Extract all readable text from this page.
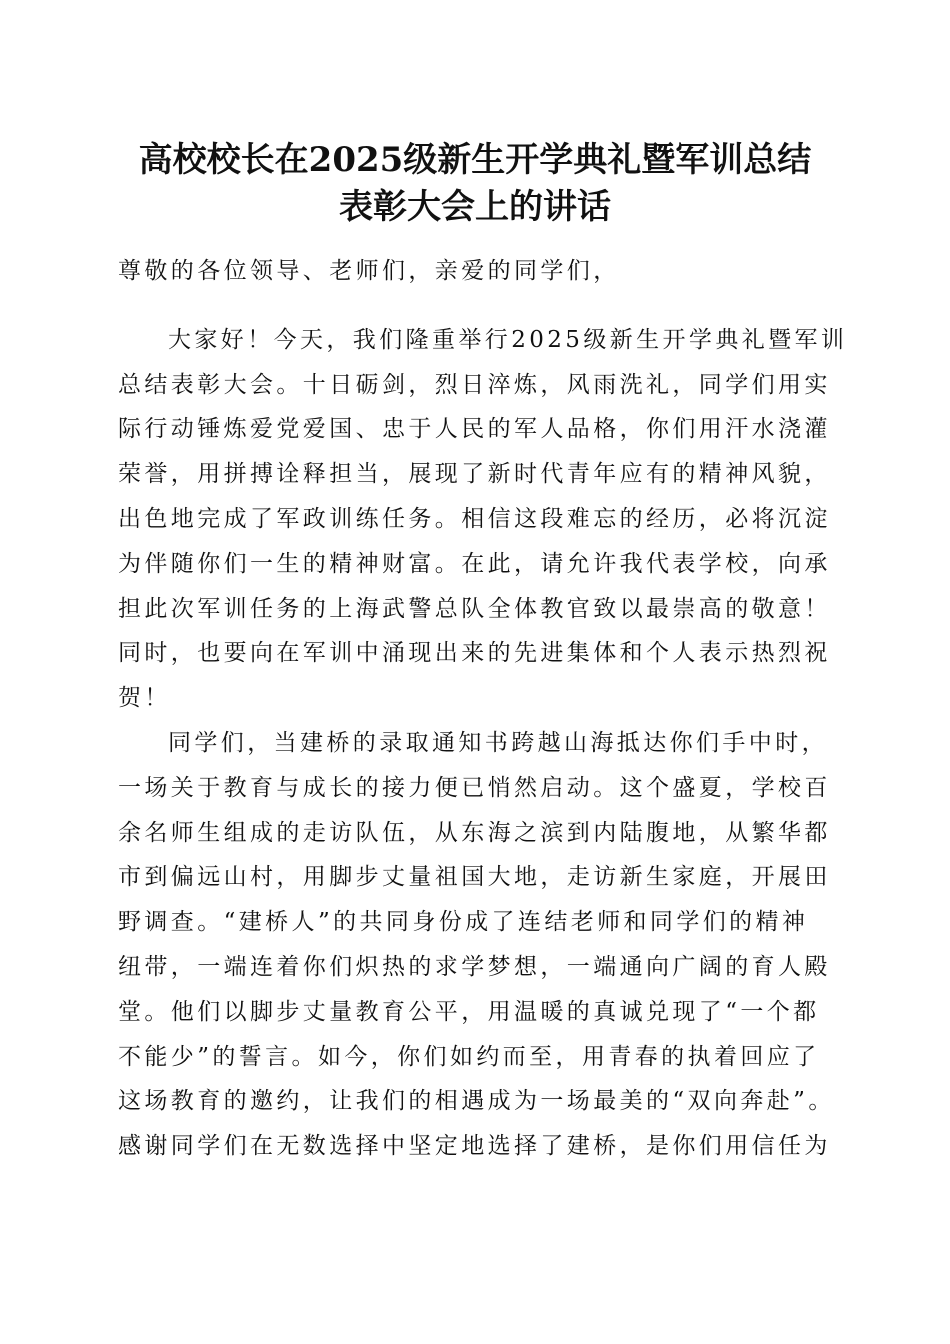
高校校长在2025级新生开学典礼暨军训总结
表彰大会上的讲话
尊敬的各位领导、老师们，亲爱的同学们，
大家好！今天，我们隆重举行2025级新生开学典礼暨军训
总结表彰大会。十日砺剑，烈日淬炼，风雨洗礼，同学们用实
际行动锤炼爱党爱国、忠于人民的军人品格，你们用汗水浇灌
荣誉，用拼搏诠释担当，展现了新时代青年应有的精神风貌，
出色地完成了军政训练任务。相信这段难忘的经历，必将沉淀
为伴随你们一生的精神财富。在此，请允许我代表学校，向承
担此次军训任务的上海武警总队全体教官致以最崇高的敬意！
同时，也要向在军训中涌现出来的先进集体和个人表示热烈祝
贺！
同学们，当建桥的录取通知书跨越山海抵达你们手中时，
一场关于教育与成长的接力便已悄然启动。这个盛夏，学校百
余名师生组成的走访队伍，从东海之滨到内陆腹地，从繁华都
市到偏远山村，用脚步丈量祖国大地，走访新生家庭，开展田
野调查。“建桥人”的共同身份成了连结老师和同学们的精神
纽带，一端连着你们炽热的求学梦想，一端通向广阔的育人殿
堂。他们以脚步丈量教育公平，用温暖的真诚兑现了“一个都
不能少”的誓言。如今，你们如约而至，用青春的执着回应了
这场教育的邀约，让我们的相遇成为一场最美的“双向奔赴”。
感谢同学们在无数选择中坚定地选择了建桥，是你们用信任为
